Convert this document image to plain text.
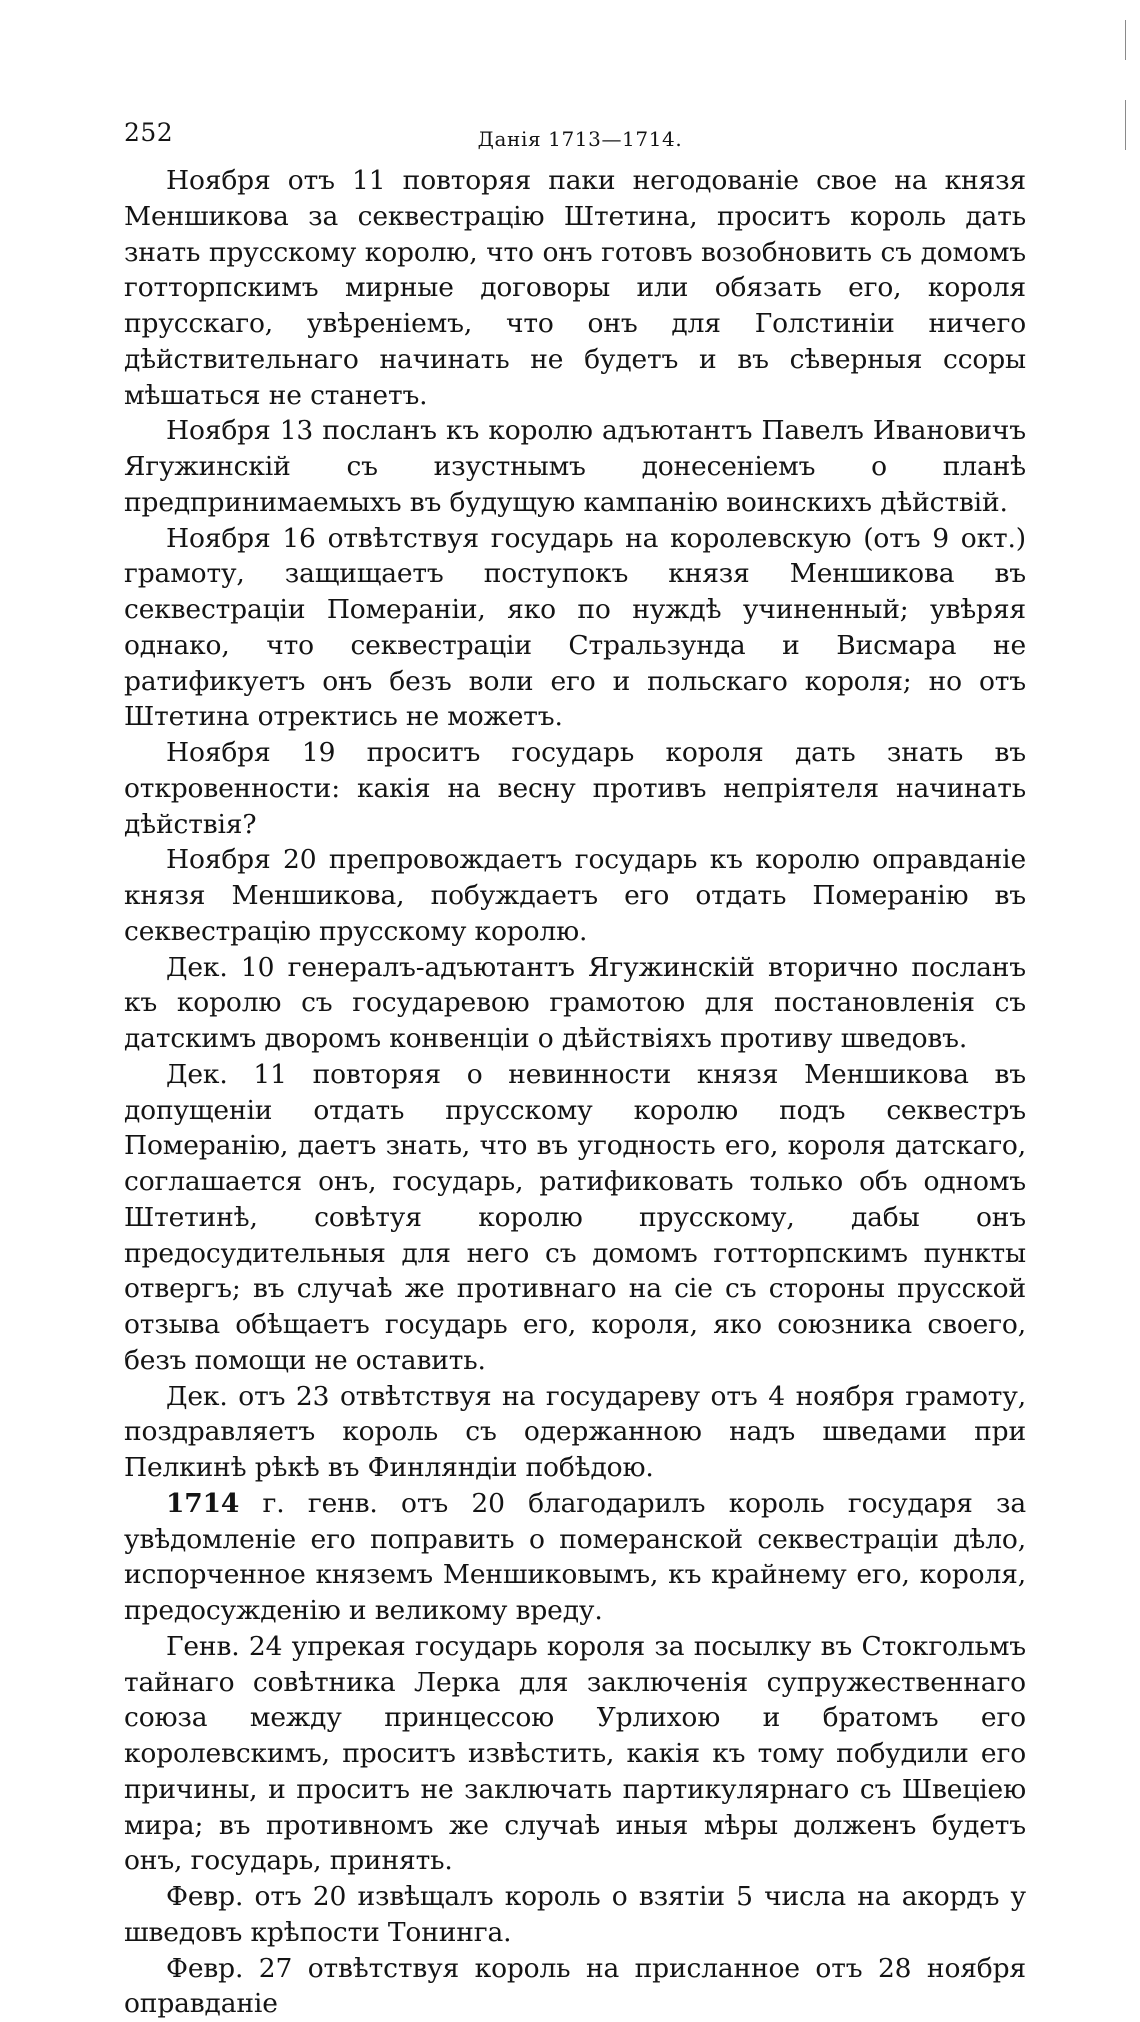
252	Данія 1713—1714.

Ноября отъ 11 повторяя паки негодованіе свое на князя Меншикова за секвестрацію Штетина, проситъ король дать знать прусскому королю, что онъ готовъ возобновить съ домомъ готторпскимъ мирные договоры или обязать его, короля прусскаго, увѣреніемъ, что онъ для Голстиніи ничего дѣйствительнаго начинать не будетъ и въ сѣверныя ссоры мѣшаться не станетъ.

Ноября 13 посланъ къ королю адъютантъ Павелъ Ивановичъ Ягужинскій съ изустнымъ донесеніемъ о планѣ предпринимаемыхъ въ будущую кампанію воинскихъ дѣйствій.

Ноября 16 отвѣтствуя государь на королевскую (отъ 9 окт.) грамоту, защищаетъ поступокъ князя Меншикова въ секвестраціи Помераніи, яко по нуждѣ учиненный; увѣряя однако, что секвестраціи Стральзунда и Висмара не ратификуетъ онъ безъ воли его и польскаго короля; но отъ Штетина отректись не можетъ.

Ноября 19 проситъ государь короля дать знать въ откровенности: какія на весну противъ непріятеля начинать дѣйствія?

Ноября 20 препровождаетъ государь къ королю оправданіе князя Меншикова, побуждаетъ его отдать Померанію въ секвестрацію прусскому королю.

Дек. 10 генералъ-адъютантъ Ягужинскій вторично посланъ къ королю съ государевою грамотою для постановленія съ датскимъ дворомъ конвенціи о дѣйствіяхъ противу шведовъ.

Дек. 11 повторяя о невинности князя Меншикова въ допущеніи отдать прусскому королю подъ секвестръ Померанію, даетъ знать, что въ угодность его, короля датскаго, соглашается онъ, государь, ратификовать только объ одномъ Штетинѣ, совѣтуя королю прусскому, дабы онъ предосудительныя для него съ домомъ готторпскимъ пункты отвергъ; въ случаѣ же противнаго на сіе съ стороны прусской отзыва обѣщаетъ государь его, короля, яко союзника своего, безъ помощи не оставить.

Дек. отъ 23 отвѣтствуя на государеву отъ 4 ноября грамоту, поздравляетъ король съ одержанною надъ шведами при Пелкинѣ рѣкѣ въ Финляндіи побѣдою.

1714 г. генв. отъ 20 благодарилъ король государя за увѣдомленіе его поправить о померанской секвестраціи дѣло, испорченное княземъ Меншиковымъ, къ крайнему его, короля, предосужденію и великому вреду.

Генв. 24 упрекая государь короля за посылку въ Стокгольмъ тайнаго совѣтника Лерка для заключенія супружественнаго союза между принцессою Урлихою и братомъ его королевскимъ, проситъ извѣстить, какія къ тому побудили его причины, и проситъ не заключать партикулярнаго съ Швеціею мира; въ противномъ же случаѣ иныя мѣры долженъ будетъ онъ, государь, принять.

Февр. отъ 20 извѣщалъ король о взятіи 5 числа на акордъ у шведовъ крѣпости Тонинга.

Февр. 27 отвѣтствуя король на присланное отъ 28 ноября оправданіе
